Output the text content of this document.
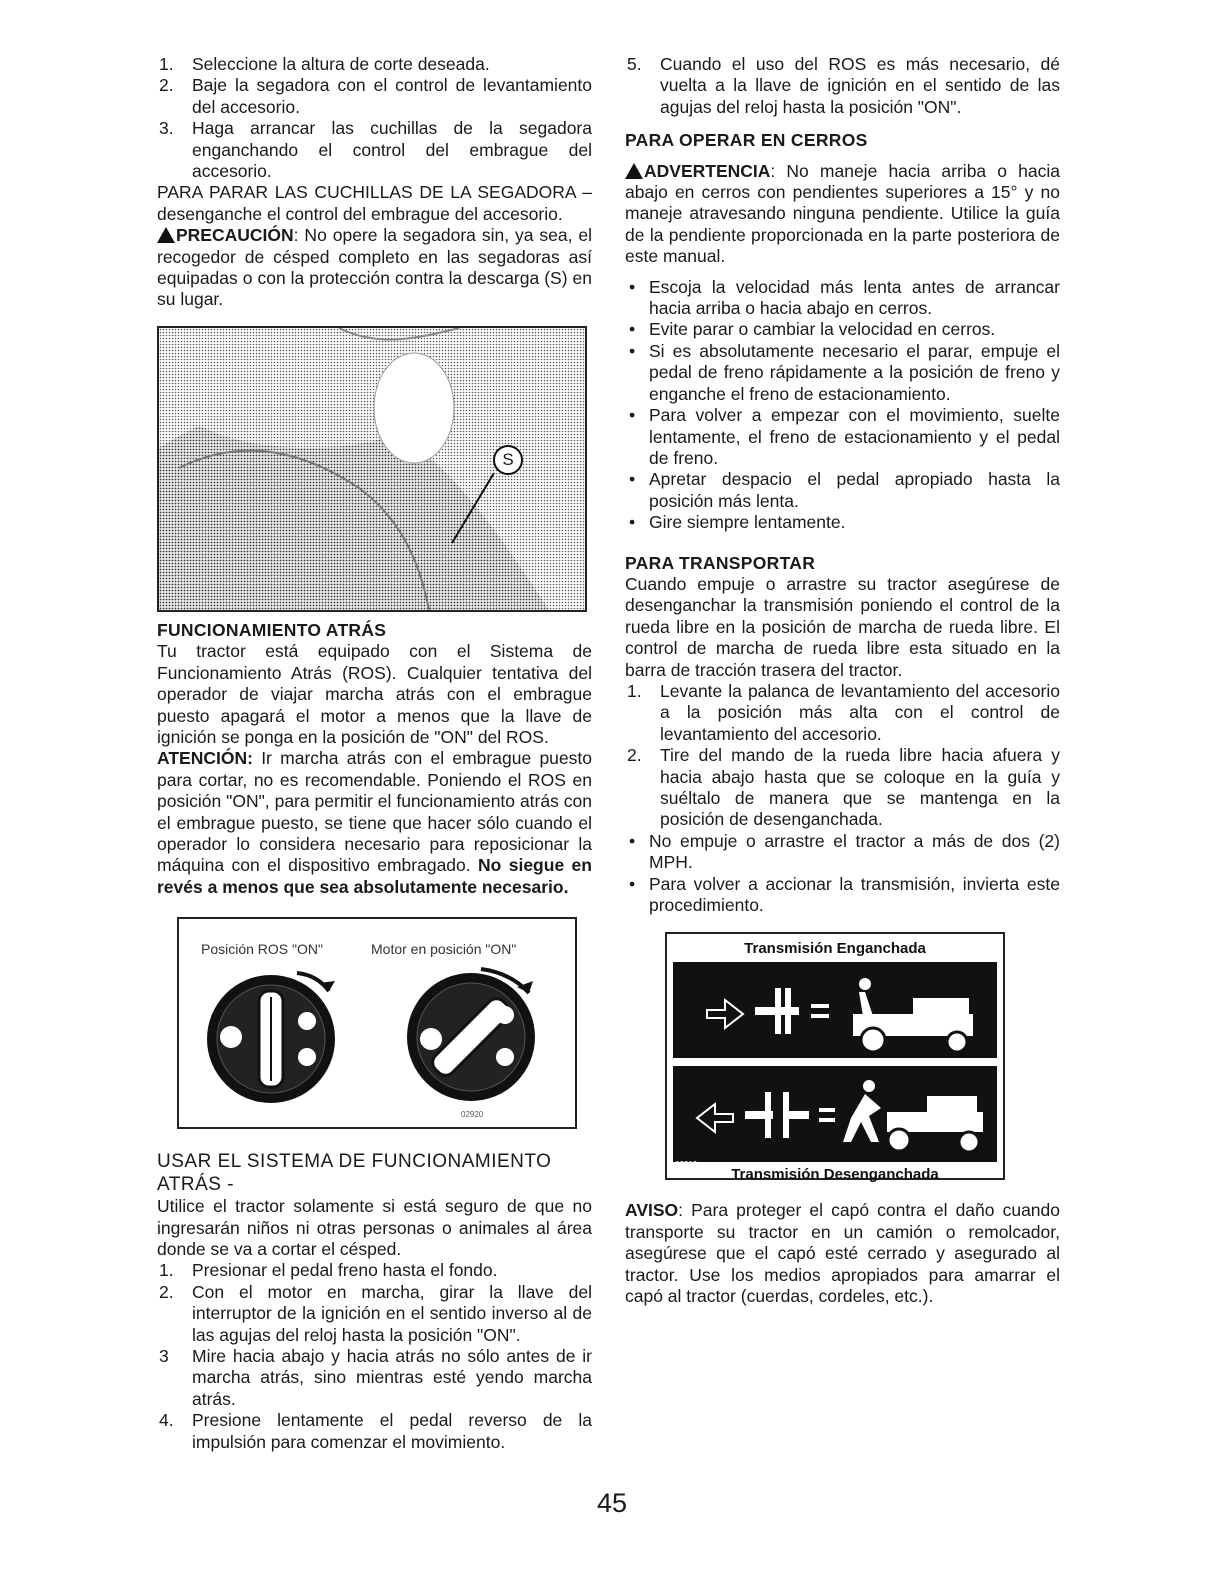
1. Seleccione la altura de corte deseada.
2. Baje la segadora con el control de levantamiento del accesorio.
3. Haga arrancar las cuchillas de la segadora enganchando el control del embrague del accesorio.

PARA PARAR LAS CUCHILLAS DE LA SEGADORA – desenganche el control del embrague del accesorio.

PRECAUCIÓN: No opere la segadora sin, ya sea, el recogedor de césped completo en las segadoras así equipadas o con la protección contra la descarga (S) en su lugar.

S

FUNCIONAMIENTO ATRÁS

Tu tractor está equipado con el Sistema de Funcionamiento Atrás (ROS). Cualquier tentativa del operador de viajar marcha atrás con el embrague puesto apagará el motor a menos que la llave de ignición se ponga en la posición de "ON" del ROS.

ATENCIÓN: Ir marcha atrás con el embrague puesto para cortar, no es recomendable. Poniendo el ROS en posición "ON", para permitir el funcionamiento atrás con el embrague puesto, se tiene que hacer sólo cuando el operador lo considera necesario para reposicionar la máquina con el dispositivo embragado. No siegue en revés a menos que sea absolutamente necesario.

Posición ROS "ON"	Motor en posición "ON"
02920

USAR EL SISTEMA DE FUNCIONAMIENTO ATRÁS -

Utilice el tractor solamente si está seguro de que no ingresarán niños ni otras personas o animales al área donde se va a cortar el césped.

1. Presionar el pedal freno hasta el fondo.
2. Con el motor en marcha, girar la llave del interruptor de la ignición en el sentido inverso al de las agujas del reloj hasta la posición "ON".
3 Mire hacia abajo y hacia atrás no sólo antes de ir marcha atrás, sino mientras esté yendo marcha atrás.
4. Presione lentamente el pedal reverso de la impulsión para comenzar el movimiento.
5. Cuando el uso del ROS es más necesario, dé vuelta a la llave de ignición en el sentido de las agujas del reloj hasta la posición "ON".

PARA OPERAR EN CERROS

ADVERTENCIA: No maneje hacia arriba o hacia abajo en cerros con pendientes superiores a 15° y no maneje atravesando ninguna pendiente. Utilice la guía de la pendiente proporcionada en la parte posteriora de este manual.

• Escoja la velocidad más lenta antes de arrancar hacia arriba o hacia abajo en cerros.
• Evite parar o cambiar la velocidad en cerros.
• Si es absolutamente necesario el parar, empuje el pedal de freno rápidamente a la posición de freno y enganche el freno de estacionamiento.
• Para volver a empezar con el movimiento, suelte lentamente, el freno de estacionamiento y el pedal de freno.
• Apretar despacio el pedal apropiado hasta la posición más lenta.
• Gire siempre lentamente.

PARA TRANSPORTAR

Cuando empuje o arrastre su tractor asegúrese de desenganchar la transmisión poniendo el control de la rueda libre en la posición de marcha de rueda libre. El control de marcha de rueda libre esta situado en la barra de tracción trasera del tractor.

1. Levante la palanca de levantamiento del accesorio a la posición más alta con el control de levantamiento del accesorio.
2. Tire del mando de la rueda libre hacia afuera y hacia abajo hasta que se coloque en la guía y suéltalo de manera que se mantenga en la posición de desenganchada.
• No empuje o arrastre el tractor a más de dos (2) MPH.
• Para volver a accionar la transmisión, invierta este procedimiento.
Transmisión Enganchada
02219
Transmisión Desenganchada

AVISO: Para proteger el capó contra el daño cuando transporte su tractor en un camión o remolcador, asegúrese que el capó esté cerrado y asegurado al tractor. Use los medios apropiados para amarrar el capó al tractor (cuerdas, cordeles, etc.).

45
